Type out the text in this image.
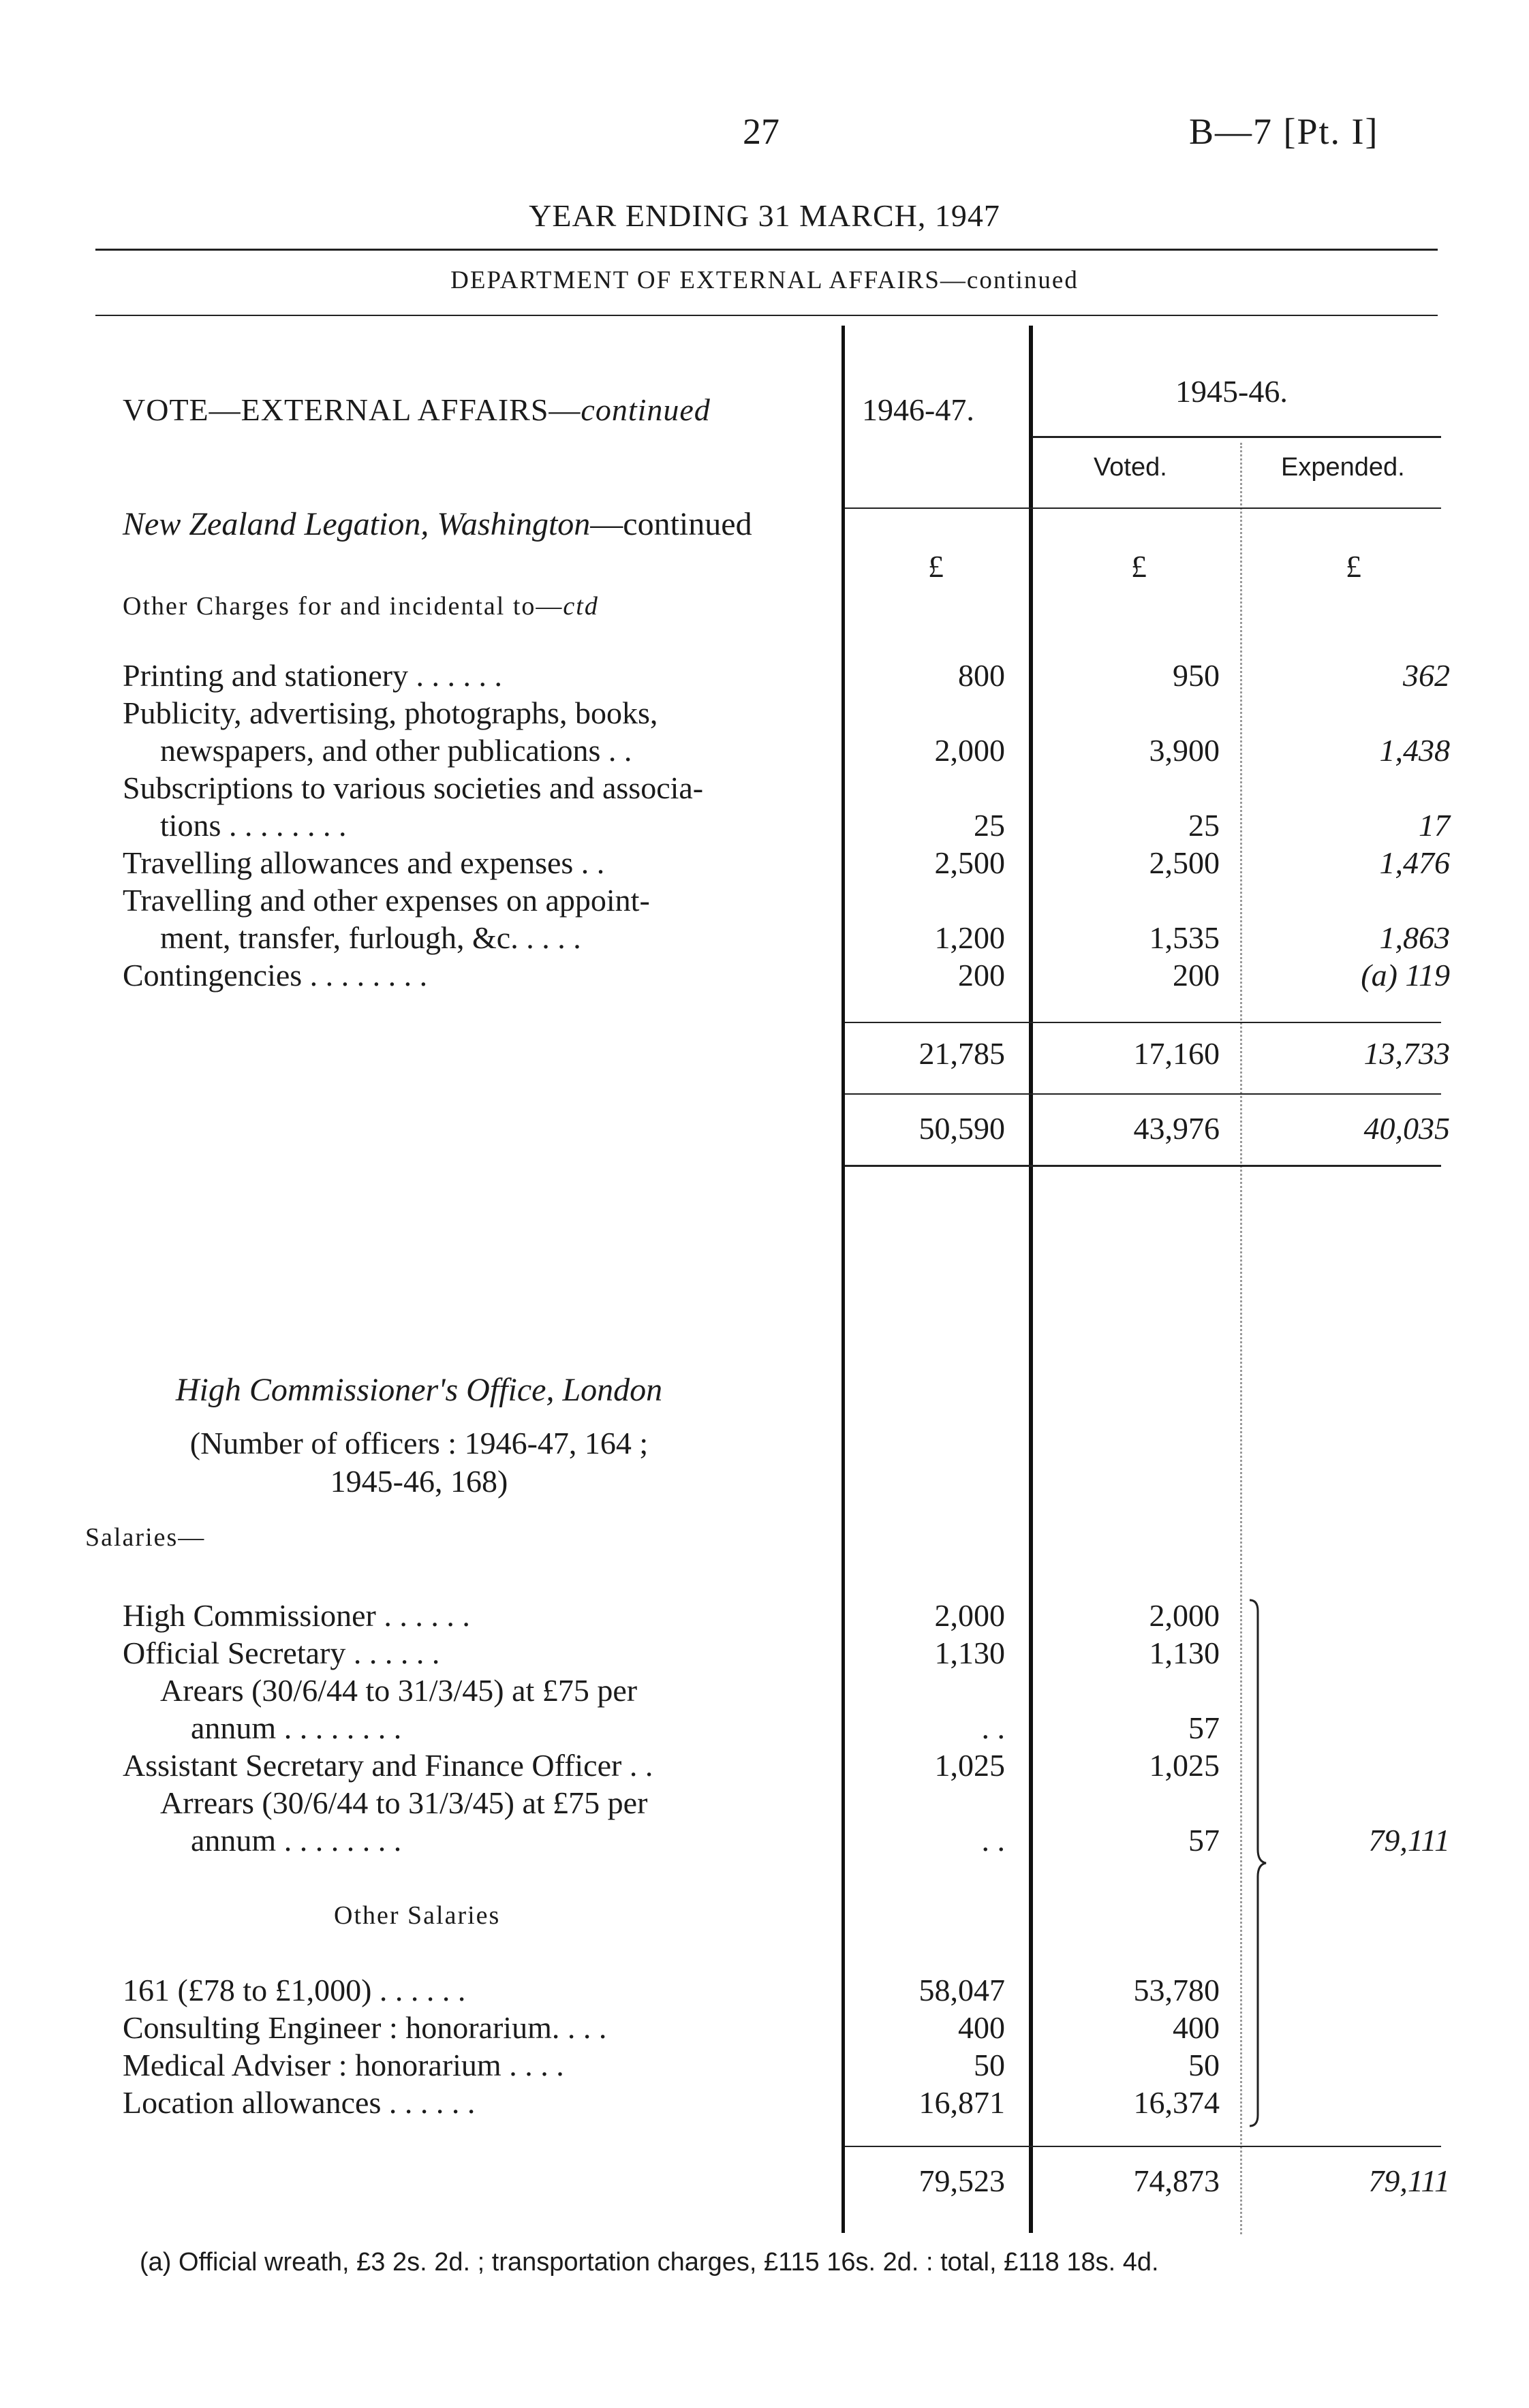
27	B—7 [Pt. I]
YEAR ENDING 31 MARCH, 1947
DEPARTMENT OF EXTERNAL AFFAIRS—continued
VOTE—EXTERNAL AFFAIRS—continued	1946-47.
1945-46.
Voted.	Expended.
New Zealand Legation, Washington—continued
Other Charges for and incidental to—ctd
£	£	£
Printing and stationery . . . . . .	800	950	362
Publicity, advertising, photographs, books,
newspapers, and other publications . .	2,000	3,900	1,438
Subscriptions to various societies and associa-
tions . . . . . . . .	25	25	17
Travelling allowances and expenses . .	2,500	2,500	1,476
Travelling and other expenses on appoint-
ment, transfer, furlough, &c. . . . .	1,200	1,535	1,863
Contingencies . . . . . . . .	200	200	(a) 119
21,785	17,160	13,733
50,590	43,976	40,035
High Commissioner's Office, London
(Number of officers : 1946-47, 164 ;
1945-46, 168)
Salaries—
High Commissioner . . . . . .	2,000	2,000
Official Secretary . . . . . .	1,130	1,130
Arears (30/6/44 to 31/3/45) at £75 per
annum . . . . . . . .	. .	57
Assistant Secretary and Finance Officer . .	1,025	1,025
Arrears (30/6/44 to 31/3/45) at £75 per
annum . . . . . . . .	. .	57
Other Salaries
161 (£78 to £1,000) . . . . . .	58,047	53,780
Consulting Engineer : honorarium. . . .	400	400
Medical Adviser : honorarium . . . .	50	50
Location allowances . . . . . .	16,871	16,374
79,111
79,523	74,873	79,111
(a) Official wreath, £3 2s. 2d. ; transportation charges, £115 16s. 2d. : total, £118 18s. 4d.
